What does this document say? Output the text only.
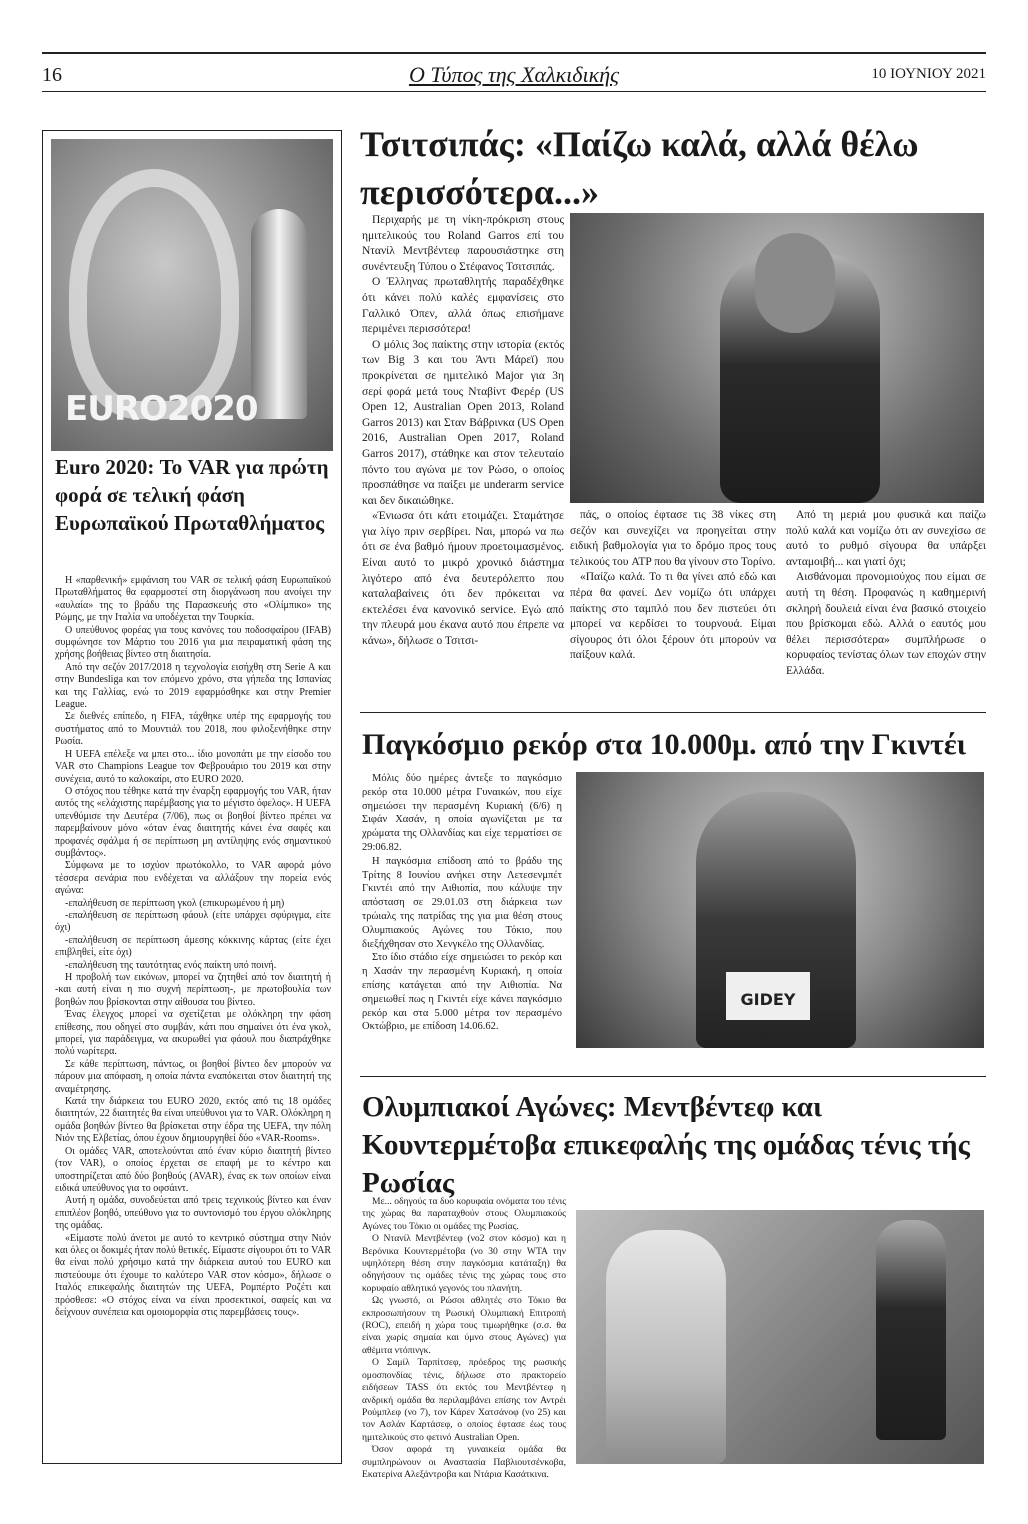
16	Ο Τύπος της Χαλκιδικής	10 ΙΟΥΝΙΟΥ 2021
EURO2020
Euro 2020: Το VAR για πρώτη φορά σε τελική φάση Ευρωπαϊκού Πρωταθλήματος

Η «παρθενική» εμφάνιση του VAR σε τελική φάση Ευρωπαϊκού Πρωταθλήματος θα εφαρμοστεί στη διοργάνωση που ανοίγει την «αυλαία» της το βράδυ της Παρασκευής στο «Ολίμπικο» της Ρώμης, με την Ιταλία να υποδέχεται την Τουρκία.

Ο υπεύθυνος φορέας για τους κανόνες του ποδοσφαίρου (IFAB) συμφώνησε τον Μάρτιο του 2016 για μια πειραματική φάση της χρήσης βοήθειας βίντεο στη διαιτησία.

Από την σεζόν 2017/2018 η τεχνολογία εισήχθη στη Serie A και στην Bundesliga και τον επόμενο χρόνο, στα γήπεδα της Ισπανίας και της Γαλλίας, ενώ το 2019 εφαρμόσθηκε και στην Premier League.

Σε διεθνές επίπεδο, η FIFA, τάχθηκε υπέρ της εφαρμογής του συστήματος από το Μουντιάλ του 2018, που φιλοξενήθηκε στην Ρωσία.

Η UEFA επέλεξε να μπει στο... ίδιο μονοπάτι με την είσοδο του VAR στο Champions League τον Φεβρουάριο του 2019 και στην συνέχεια, αυτό το καλοκαίρι, στο EURO 2020.

Ο στόχος που τέθηκε κατά την έναρξη εφαρμογής του VAR, ήταν αυτός της «ελάχιστης παρέμβασης για το μέγιστο όφελος». Η UEFA υπενθύμισε την Δευτέρα (7/06), πως οι βοηθοί βίντεο πρέπει να παρεμβαίνουν μόνο «όταν ένας διαιτητής κάνει ένα σαφές και προφανές σφάλμα ή σε περίπτωση μη αντίληψης ενός σημαντικού συμβάντος».

Σύμφωνα με το ισχύον πρωτόκολλο, το VAR αφορά μόνο τέσσερα σενάρια που ενδέχεται να αλλάξουν την πορεία ενός αγώνα:

-επαλήθευση σε περίπτωση γκολ (επικυρωμένου ή μη)

-επαλήθευση σε περίπτωση φάουλ (είτε υπάρχει σφύριγμα, είτε όχι)

-επαλήθευση σε περίπτωση άμεσης κόκκινης κάρτας (είτε έχει επιβληθεί, είτε όχι)

-επαλήθευση της ταυτότητας ενός παίκτη υπό ποινή.

Η προβολή των εικόνων, μπορεί να ζητηθεί από τον διαιτητή ή -και αυτή είναι η πιο συχνή περίπτωση-, με πρωτοβουλία των βοηθών που βρίσκονται στην αίθουσα του βίντεο.

Ένας έλεγχος μπορεί να σχετίζεται με ολόκληρη την φάση επίθεσης, που οδηγεί στο συμβάν, κάτι που σημαίνει ότι ένα γκολ, μπορεί, για παράδειγμα, να ακυρωθεί για φάουλ που διαπράχθηκε πολύ νωρίτερα.

Σε κάθε περίπτωση, πάντως, οι βοηθοί βίντεο δεν μπορούν να πάρουν μια απόφαση, η οποία πάντα εναπόκειται στον διαιτητή της αναμέτρησης.

Κατά την διάρκεια του EURO 2020, εκτός από τις 18 ομάδες διαιτητών, 22 διαιτητές θα είναι υπεύθυνοι για το VAR. Ολόκληρη η ομάδα βοηθών βίντεο θα βρίσκεται στην έδρα της UEFA, την πόλη Νιόν της Ελβετίας, όπου έχουν δημιουργηθεί δύο «VAR-Rooms».

Οι ομάδες VAR, αποτελούνται από έναν κύριο διαιτητή βίντεο (τον VAR), ο οποίος έρχεται σε επαφή με το κέντρο και υποστηρίζεται από δύο βοηθούς (AVAR), ένας εκ των οποίων είναι ειδικά υπεύθυνος για το οφσάιντ.

Αυτή η ομάδα, συνοδεύεται από τρεις τεχνικούς βίντεο και έναν επιπλέον βοηθό, υπεύθυνο για το συντονισμό του έργου ολόκληρης της ομάδας.

«Είμαστε πολύ άνετοι με αυτό το κεντρικό σύστημα στην Νιόν και όλες οι δοκιμές ήταν πολύ θετικές. Είμαστε σίγουροι ότι το VAR θα είναι πολύ χρήσιμο κατά την διάρκεια αυτού του EURO και πιστεύουμε ότι έχουμε το καλύτερο VAR στον κόσμο», δήλωσε ο Ιταλός επικεφαλής διαιτητών της UEFA, Ρομπέρτο Ροζέτι και πρόσθεσε: «Ο στόχος είναι να είναι προσεκτικοί, σαφείς και να δείχνουν συνέπεια και ομοιομορφία στις παρεμβάσεις τους».

Τσιτσιπάς: «Παίζω καλά, αλλά θέλω περισσότερα...»

Περιχαρής με τη νίκη-πρόκριση στους ημιτελικούς του Roland Garros επί του Ντανίλ Μεντβέντεφ παρουσιάστηκε στη συνέντευξη Τύπου ο Στέφανος Τσιτσιπάς.

Ο Έλληνας πρωταθλητής παραδέχθηκε ότι κάνει πολύ καλές εμφανίσεις στο Γαλλικό Όπεν, αλλά όπως επισήμανε περιμένει περισσότερα!

Ο μόλις 3ος παίκτης στην ιστορία (εκτός των Big 3 και του Άντι Μάρεϊ) που προκρίνεται σε ημιτελικό Major για 3η σερί φορά μετά τους Νταβίντ Φερέρ (US Open 12, Australian Open 2013, Roland Garros 2013) και Σταν Βάβρινκα (US Open 2016, Australian Open 2017, Roland Garros 2017), στάθηκε και στον τελευταίο πόντο του αγώνα με τον Ρώσο, ο οποίος προσπάθησε να παίξει με underarm service και δεν δικαιώθηκε.

«Ένιωσα ότι κάτι ετοιμάζει. Σταμάτησε για λίγο πριν σερβίρει. Ναι, μπορώ να πω ότι σε ένα βαθμό ήμουν προετοιμασμένος. Είναι αυτό το μικρό χρονικό διάστημα λιγότερο από ένα δευτερόλεπτο που καταλαβαίνεις ότι δεν πρόκειται να εκτελέσει ένα κανονικό service. Εγώ από την πλευρά μου έκανα αυτό που έπρεπε να κάνω», δήλωσε ο Τσιτσι-

πάς, ο οποίος έφτασε τις 38 νίκες στη σεζόν και συνεχίζει να προηγείται στην ειδική βαθμολογία για το δρόμο προς τους τελικούς του ATP που θα γίνουν στο Τορίνο.

«Παίζω καλά. Το τι θα γίνει από εδώ και πέρα θα φανεί. Δεν νομίζω ότι υπάρχει παίκτης στο ταμπλό που δεν πιστεύει ότι μπορεί να κερδίσει το τουρνουά. Είμαι σίγουρος ότι όλοι ξέρουν ότι μπορούν να παίξουν καλά.

Από τη μεριά μου φυσικά και παίζω πολύ καλά και νομίζω ότι αν συνεχίσω σε αυτό το ρυθμό σίγουρα θα υπάρξει ανταμοιβή... και γιατί όχι;

Αισθάνομαι προνομιούχος που είμαι σε αυτή τη θέση. Προφανώς η καθημερινή σκληρή δουλειά είναι ένα βασικό στοιχείο που βρίσκομαι εδώ. Αλλά ο εαυτός μου θέλει περισσότερα» συμπλήρωσε ο κορυφαίος τενίστας όλων των εποχών στην Ελλάδα.

Παγκόσμιο ρεκόρ στα 10.000μ. από την Γκιντέι

Μόλις δύο ημέρες άντεξε το παγκόσμιο ρεκόρ στα 10.000 μέτρα Γυναικών, που είχε σημειώσει την περασμένη Κυριακή (6/6) η Σιφάν Χασάν, η οποία αγωνίζεται με τα χρώματα της Ολλανδίας και είχε τερματίσει σε 29:06.82.

Η παγκόσμια επίδοση από το βράδυ της Τρίτης 8 Ιουνίου ανήκει στην Λετεσενμπέτ Γκιντέι από την Αιθιοπία, που κάλυψε την απόσταση σε 29.01.03 στη διάρκεια των τρώιαλς της πατρίδας της για μια θέση στους Ολυμπιακούς Αγώνες του Τόκιο, που διεξήχθησαν στο Χενγκέλο της Ολλανδίας.

Στο ίδιο στάδιο είχε σημειώσει το ρεκόρ και η Χασάν την περασμένη Κυριακή, η οποία επίσης κατάγεται από την Αιθιοπία. Να σημειωθεί πως η Γκιντέι είχε κάνει παγκόσμιο ρεκόρ και στα 5.000 μέτρα τον περασμένο Οκτώβριο, με επίδοση 14.06.62.

GIDEY
Ολυμπιακοί Αγώνες: Μεντβέντεφ και Κουντερμέτοβα επικεφαλής της ομάδας τένις τής Ρωσίας

Με... οδηγούς τα δυο κορυφαία ονόματα του τένις της χώρας θα παραταχθούν στους Ολυμπιακούς Αγώνες του Τόκιο οι ομάδες της Ρωσίας.

Ο Ντανίλ Μεντβέντεφ (νο2 στον κόσμο) και η Βερόνικα Κουντερμέτοβα (νο 30 στην WTA την υψηλότερη θέση στην παγκόσμια κατάταξη) θα οδηγήσουν τις ομάδες τένις της χώρας τους στο κορυφαίο αθλητικό γεγονός του πλανήτη.

Ως γνωστό, οι Ρώσοι αθλητές στο Τόκιο θα εκπροσωπήσουν τη Ρωσική Ολυμπιακή Επιτροπή (ROC), επειδή η χώρα τους τιμωρήθηκε (σ.σ. θα είναι χωρίς σημαία και ύμνο στους Αγώνες) για αθέμιτα ντόπινγκ.

Ο Σαμίλ Ταρπίτσεφ, πρόεδρος της ρωσικής ομοσπονδίας τένις, δήλωσε στο πρακτορείο ειδήσεων TASS ότι εκτός του Μεντβέντεφ η ανδρική ομάδα θα περιλαμβάνει επίσης τον Αντρέι Ρούμπλεφ (νο 7), τον Κάρεν Χατσάνοφ (νο 25) και τον Ασλάν Καρτάσεφ, ο οποίος έφτασε έως τους ημιτελικούς στο φετινό Australian Open.

Όσον αφορά τη γυναικεία ομάδα θα συμπληρώνουν οι Αναστασία Παβλιουτσένκοβα, Εκατερίνα Αλεξάντροβα και Ντάρια Κασάτκινα.
